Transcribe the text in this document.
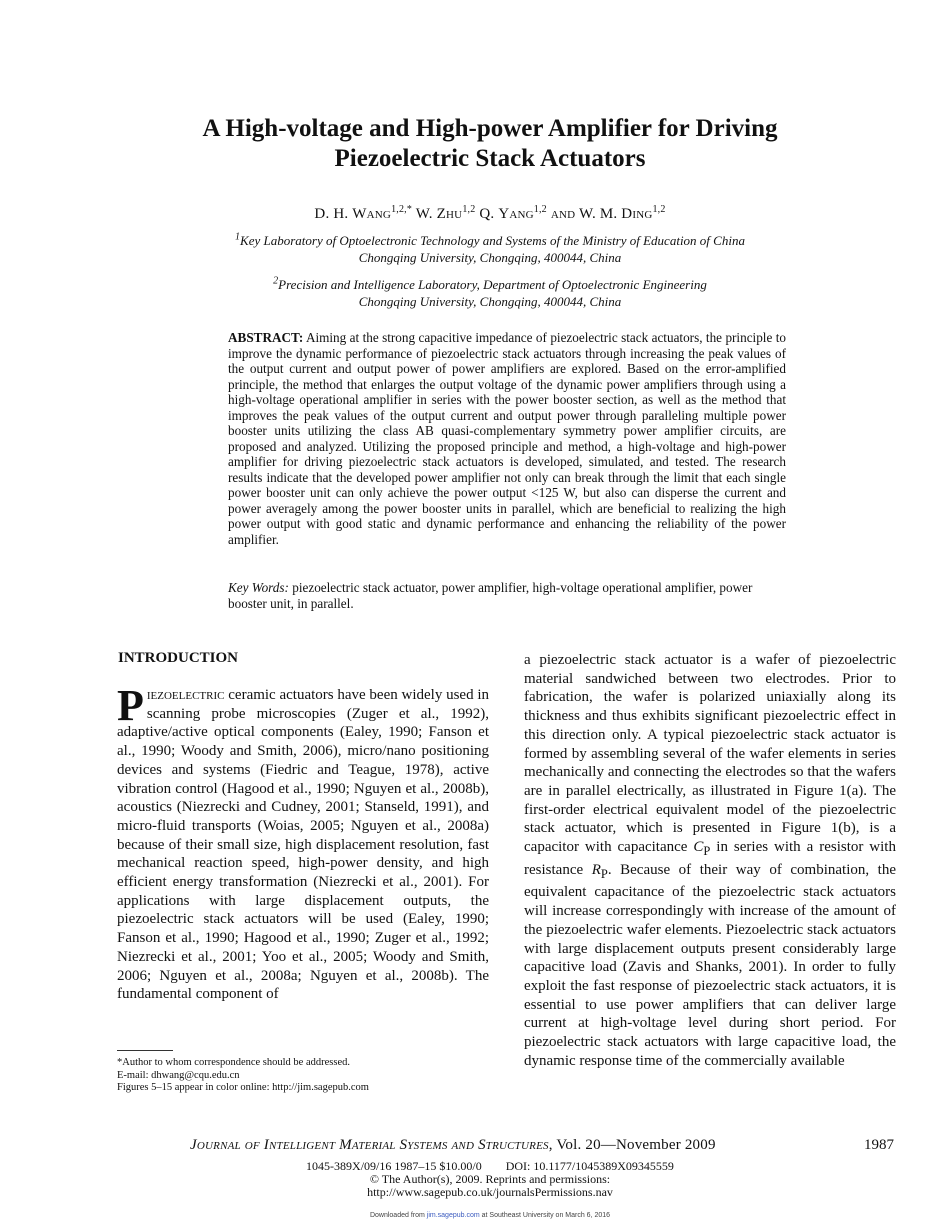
A High-voltage and High-power Amplifier for Driving
Piezoelectric Stack Actuators
D. H. Wang$^{1,2,*}$ W. Zhu$^{1,2}$ Q. Yang$^{1,2}$ and W. M. Ding$^{1,2}$
$^1$Key Laboratory of Optoelectronic Technology and Systems of the Ministry of Education of China
Chongqing University, Chongqing, 400044, China
$^2$Precision and Intelligence Laboratory, Department of Optoelectronic Engineering
Chongqing University, Chongqing, 400044, China

ABSTRACT: Aiming at the strong capacitive impedance of piezoelectric stack actuators, the principle to improve the dynamic performance of piezoelectric stack actuators through increasing the peak values of the output current and output power of power amplifiers are explored. Based on the error-amplified principle, the method that enlarges the output voltage of the dynamic power amplifiers through using a high-voltage operational amplifier in series with the power booster section, as well as the method that improves the peak values of the output current and output power through paralleling multiple power booster units utilizing the class AB quasi-complementary symmetry power amplifier circuits, are proposed and analyzed. Utilizing the proposed principle and method, a high-voltage and high-power amplifier for driving piezoelectric stack actuators is developed, simulated, and tested. The research results indicate that the developed power amplifier not only can break through the limit that each single power booster unit can only achieve the power output <125 W, but also can disperse the current and power averagely among the power booster units in parallel, which are beneficial to realizing the high power output with good static and dynamic performance and enhancing the reliability of the power amplifier.

Key Words: piezoelectric stack actuator, power amplifier, high-voltage operational amplifier, power booster unit, in parallel.

INTRODUCTION

Piezoelectric ceramic actuators have been widely used in scanning probe microscopies (Zuger et al., 1992), adaptive/active optical components (Ealey, 1990; Fanson et al., 1990; Woody and Smith, 2006), micro/nano positioning devices and systems (Fiedric and Teague, 1978), active vibration control (Hagood et al., 1990; Nguyen et al., 2008b), acoustics (Niezrecki and Cudney, 2001; Stanseld, 1991), and micro-fluid transports (Woias, 2005; Nguyen et al., 2008a) because of their small size, high displacement resolution, fast mechanical reaction speed, high-power density, and high efficient energy transformation (Niezrecki et al., 2001). For applications with large displacement outputs, the piezoelectric stack actuators will be used (Ealey, 1990; Fanson et al., 1990; Hagood et al., 1990; Zuger et al., 1992; Niezrecki et al., 2001; Yoo et al., 2005; Woody and Smith, 2006; Nguyen et al., 2008a; Nguyen et al., 2008b). The fundamental component of

a piezoelectric stack actuator is a wafer of piezoelectric material sandwiched between two electrodes. Prior to fabrication, the wafer is polarized uniaxially along its thickness and thus exhibits significant piezoelectric effect in this direction only. A typical piezoelectric stack actuator is formed by assembling several of the wafer elements in series mechanically and connecting the electrodes so that the wafers are in parallel electrically, as illustrated in Figure 1(a). The first-order electrical equivalent model of the piezoelectric stack actuator, which is presented in Figure 1(b), is a capacitor with capacitance $C_P$ in series with a resistor with resistance $R_P$. Because of their way of combination, the equivalent capacitance of the piezoelectric stack actuators will increase correspondingly with increase of the amount of the piezoelectric wafer elements. Piezoelectric stack actuators with large displacement outputs present considerably large capacitive load (Zavis and Shanks, 2001). In order to fully exploit the fast response of piezoelectric stack actuators, it is essential to use power amplifiers that can deliver large current at high-voltage level during short period. For piezoelectric stack actuators with large capacitive load, the dynamic response time of the commercially available

*Author to whom correspondence should be addressed.
E-mail: dhwang@cqu.edu.cn
Figures 5–15 appear in color online: http://jim.sagepub.com
Journal of Intelligent Material Systems and Structures, Vol. 20—November 2009	1987
1045-389X/09/16 1987–15 $10.00/0 DOI: 10.1177/1045389X09345559
© The Author(s), 2009. Reprints and permissions:
http://www.sagepub.co.uk/journalsPermissions.nav
Downloaded from jim.sagepub.com at Southeast University on March 6, 2016
